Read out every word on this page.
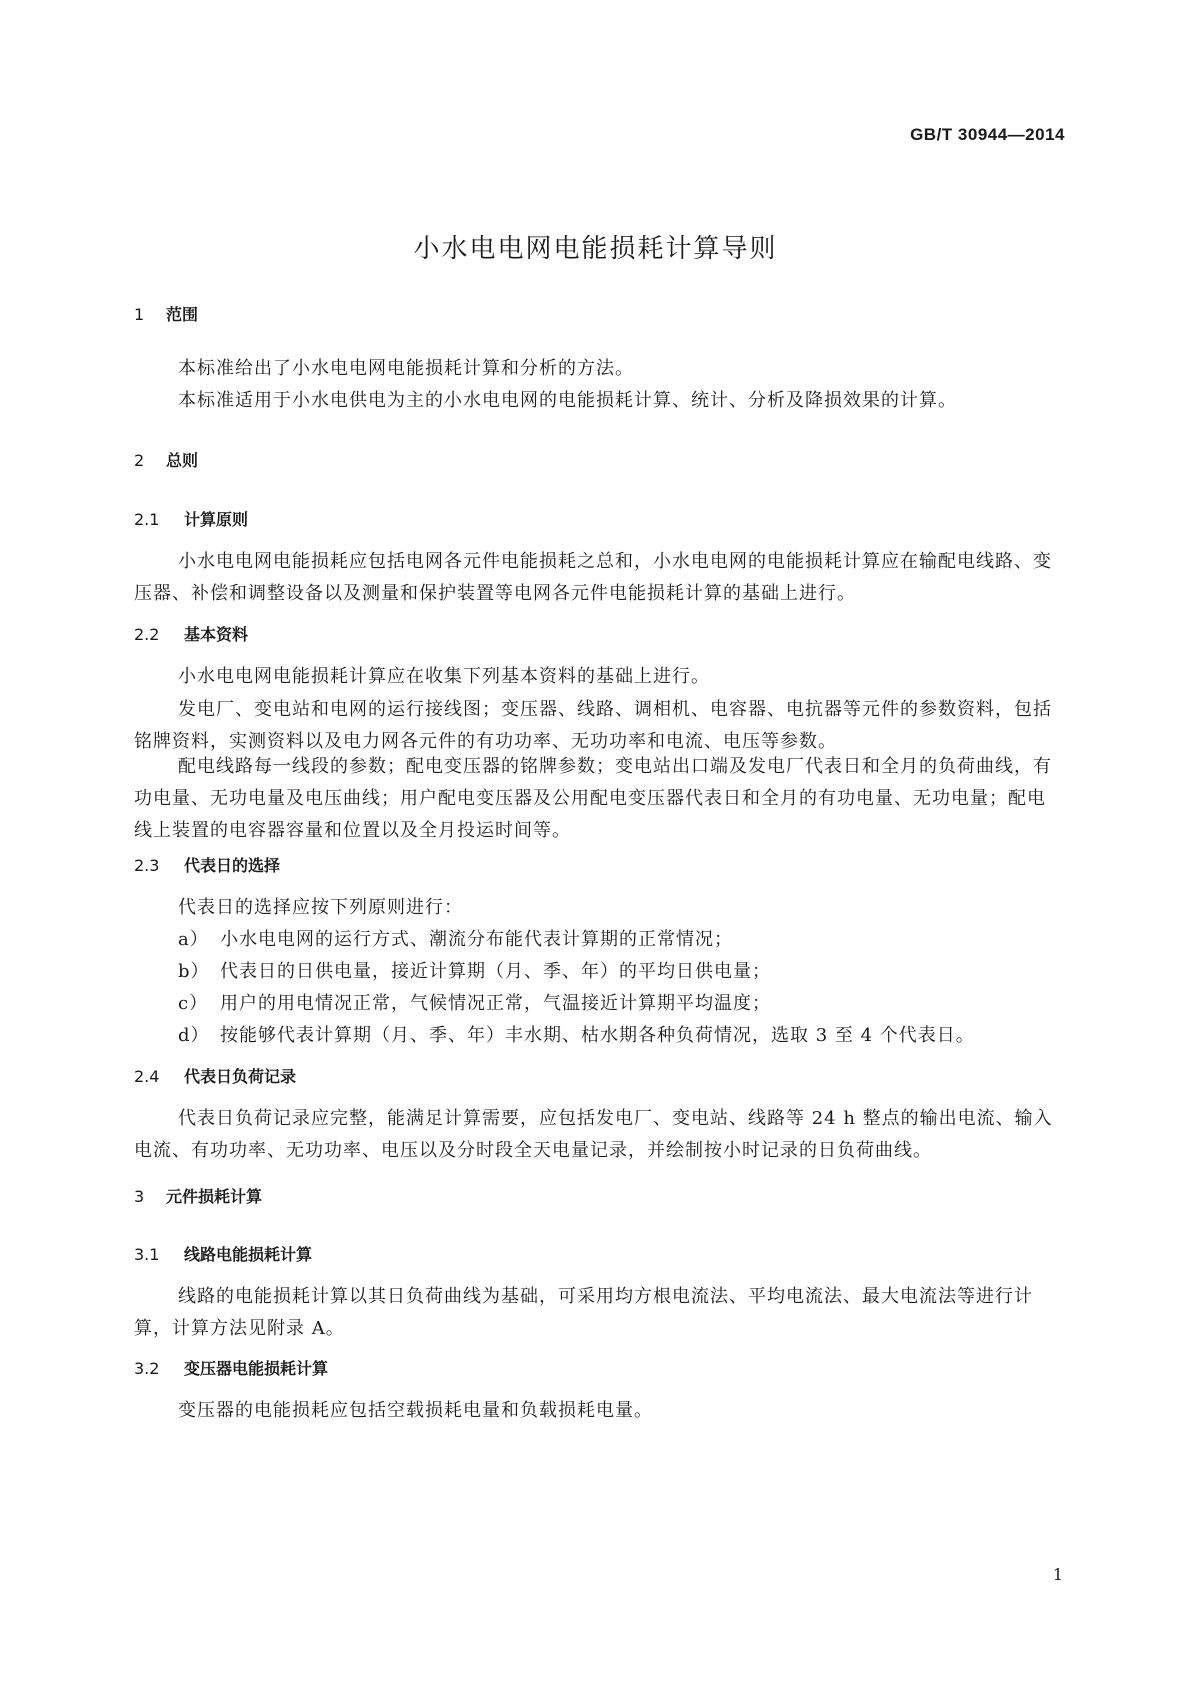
GB/T 30944—2014
小水电电网电能损耗计算导则
1 范围

本标准给出了小水电电网电能损耗计算和分析的方法。

本标准适用于小水电供电为主的小水电电网的电能损耗计算、统计、分析及降损效果的计算。

2 总则
2.1 计算原则

小水电电网电能损耗应包括电网各元件电能损耗之总和，小水电电网的电能损耗计算应在输配电线路、变压器、补偿和调整设备以及测量和保护装置等电网各元件电能损耗计算的基础上进行。

2.2 基本资料

小水电电网电能损耗计算应在收集下列基本资料的基础上进行。

发电厂、变电站和电网的运行接线图；变压器、线路、调相机、电容器、电抗器等元件的参数资料，包括铭牌资料，实测资料以及电力网各元件的有功功率、无功功率和电流、电压等参数。

配电线路每一线段的参数；配电变压器的铭牌参数；变电站出口端及发电厂代表日和全月的负荷曲线，有功电量、无功电量及电压曲线；用户配电变压器及公用配电变压器代表日和全月的有功电量、无功电量；配电线上装置的电容器容量和位置以及全月投运时间等。

2.3 代表日的选择

代表日的选择应按下列原则进行：

a） 小水电电网的运行方式、潮流分布能代表计算期的正常情况；

b） 代表日的日供电量，接近计算期（月、季、年）的平均日供电量；

c） 用户的用电情况正常，气候情况正常，气温接近计算期平均温度；

d） 按能够代表计算期（月、季、年）丰水期、枯水期各种负荷情况，选取 3 至 4 个代表日。

2.4 代表日负荷记录

代表日负荷记录应完整，能满足计算需要，应包括发电厂、变电站、线路等 24 h 整点的输出电流、输入电流、有功功率、无功功率、电压以及分时段全天电量记录，并绘制按小时记录的日负荷曲线。

3 元件损耗计算
3.1 线路电能损耗计算

线路的电能损耗计算以其日负荷曲线为基础，可采用均方根电流法、平均电流法、最大电流法等进行计算，计算方法见附录 A。

3.2 变压器电能损耗计算

变压器的电能损耗应包括空载损耗电量和负载损耗电量。

1
